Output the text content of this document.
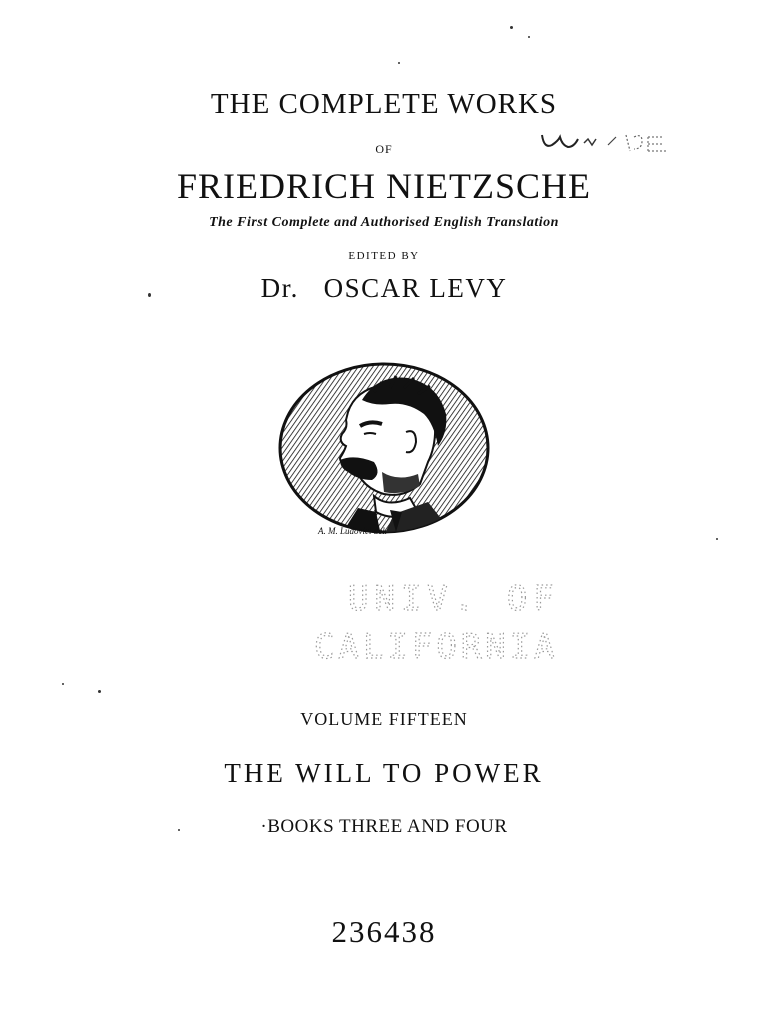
THE COMPLETE WORKS
OF
FRIEDRICH NIETZSCHE
The First Complete and Authorised English Translation
EDITED BY
Dr. OSCAR LEVY
A. M. Ludovici del.
UNIV. OF
CALIFORNIA
VOLUME FIFTEEN
THE WILL TO POWER
·BOOKS THREE AND FOUR
236438
